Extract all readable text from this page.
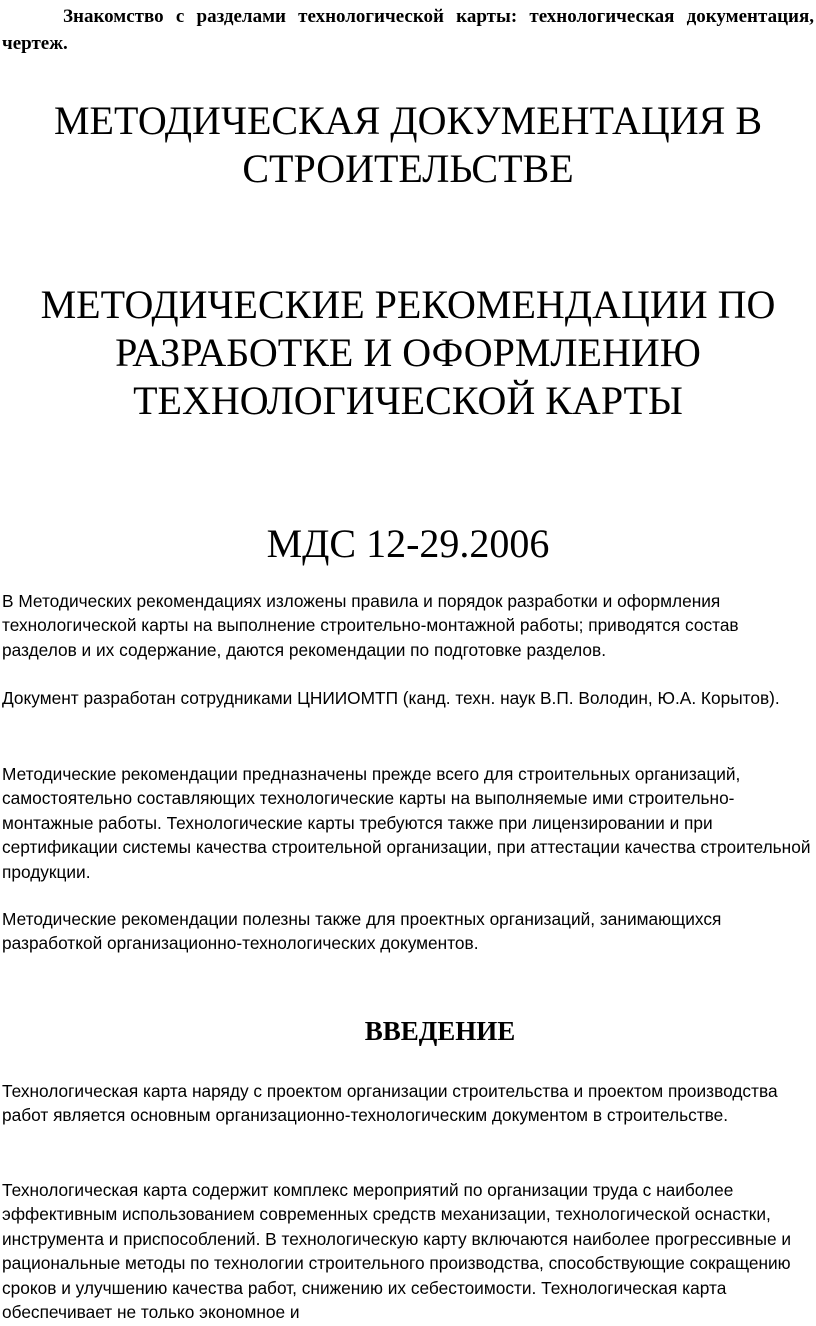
Знакомство с разделами технологической карты: технологическая документация, чертеж.
МЕТОДИЧЕСКАЯ ДОКУМЕНТАЦИЯ В СТРОИТЕЛЬСТВЕ
МЕТОДИЧЕСКИЕ РЕКОМЕНДАЦИИ ПО РАЗРАБОТКЕ И ОФОРМЛЕНИЮ ТЕХНОЛОГИЧЕСКОЙ КАРТЫ
МДС 12-29.2006

В Методических рекомендациях изложены правила и порядок разработки и оформления технологической карты на выполнение строительно-монтажной работы; приводятся состав разделов и их содержание, даются рекомендации по подготовке разделов.

Документ разработан сотрудниками ЦНИИОМТП (канд. техн. наук В.П. Володин, Ю.А. Корытов).

Методические рекомендации предназначены прежде всего для строительных организаций, самостоятельно составляющих технологические карты на выполняемые ими строительно-монтажные работы. Технологические карты требуются также при лицензировании и при сертификации системы качества строительной организации, при аттестации качества строительной продукции.

Методические рекомендации полезны также для проектных организаций, занимающихся разработкой организационно-технологических документов.

ВВЕДЕНИЕ

Технологическая карта наряду с проектом организации строительства и проектом производства работ является основным организационно-технологическим документом в строительстве.

Технологическая карта содержит комплекс мероприятий по организации труда с наиболее эффективным использованием современных средств механизации, технологической оснастки, инструмента и приспособлений. В технологическую карту включаются наиболее прогрессивные и рациональные методы по технологии строительного производства, способствующие сокращению сроков и улучшению качества работ, снижению их себестоимости. Технологическая карта обеспечивает не только экономное и
